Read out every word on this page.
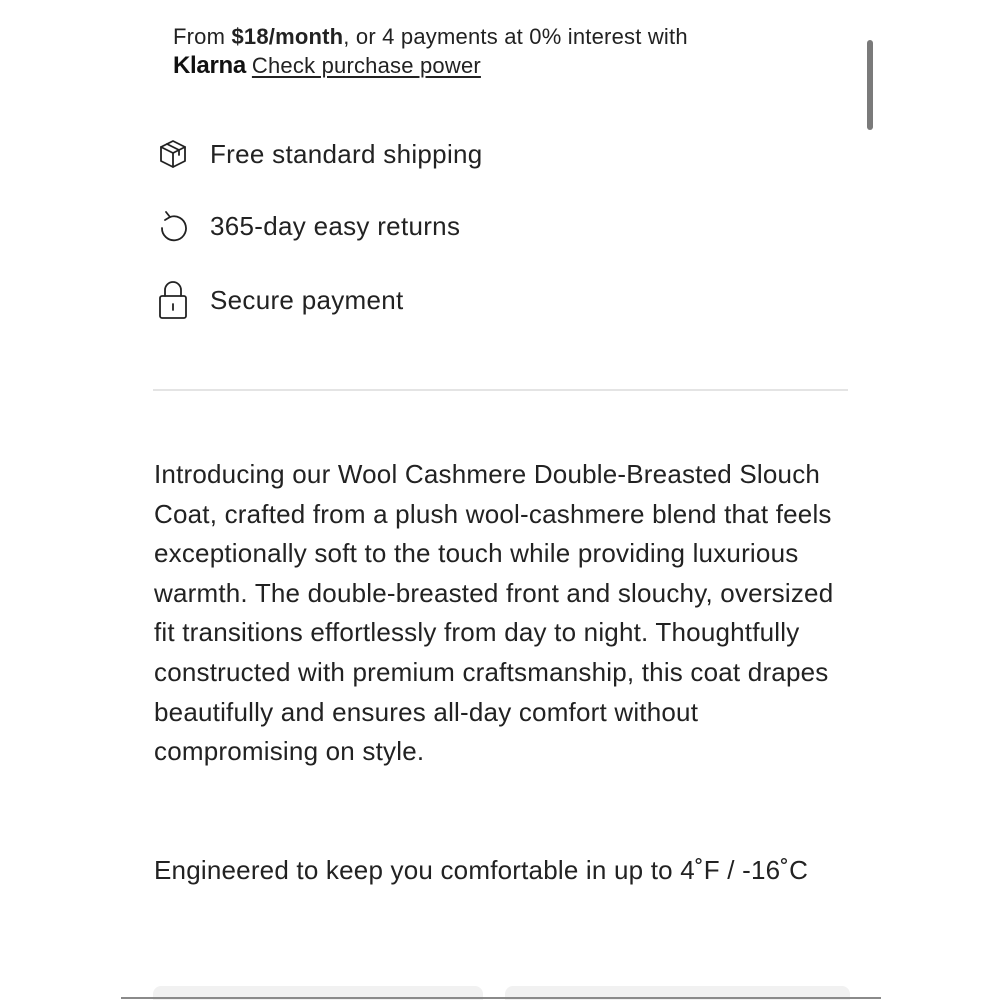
From $18/month, or 4 payments at 0% interest with
Klarna Check purchase power
Free standard shipping
365-day easy returns
Secure payment

Introducing our Wool Cashmere Double-Breasted Slouch Coat, crafted from a plush wool-cashmere blend that feels exceptionally soft to the touch while providing luxurious warmth. The double-breasted front and slouchy, oversized fit transitions effortlessly from day to night. Thoughtfully constructed with premium craftsmanship, this coat drapes beautifully and ensures all-day comfort without compromising on style.

Engineered to keep you comfortable in up to 4˚F / -16˚C
